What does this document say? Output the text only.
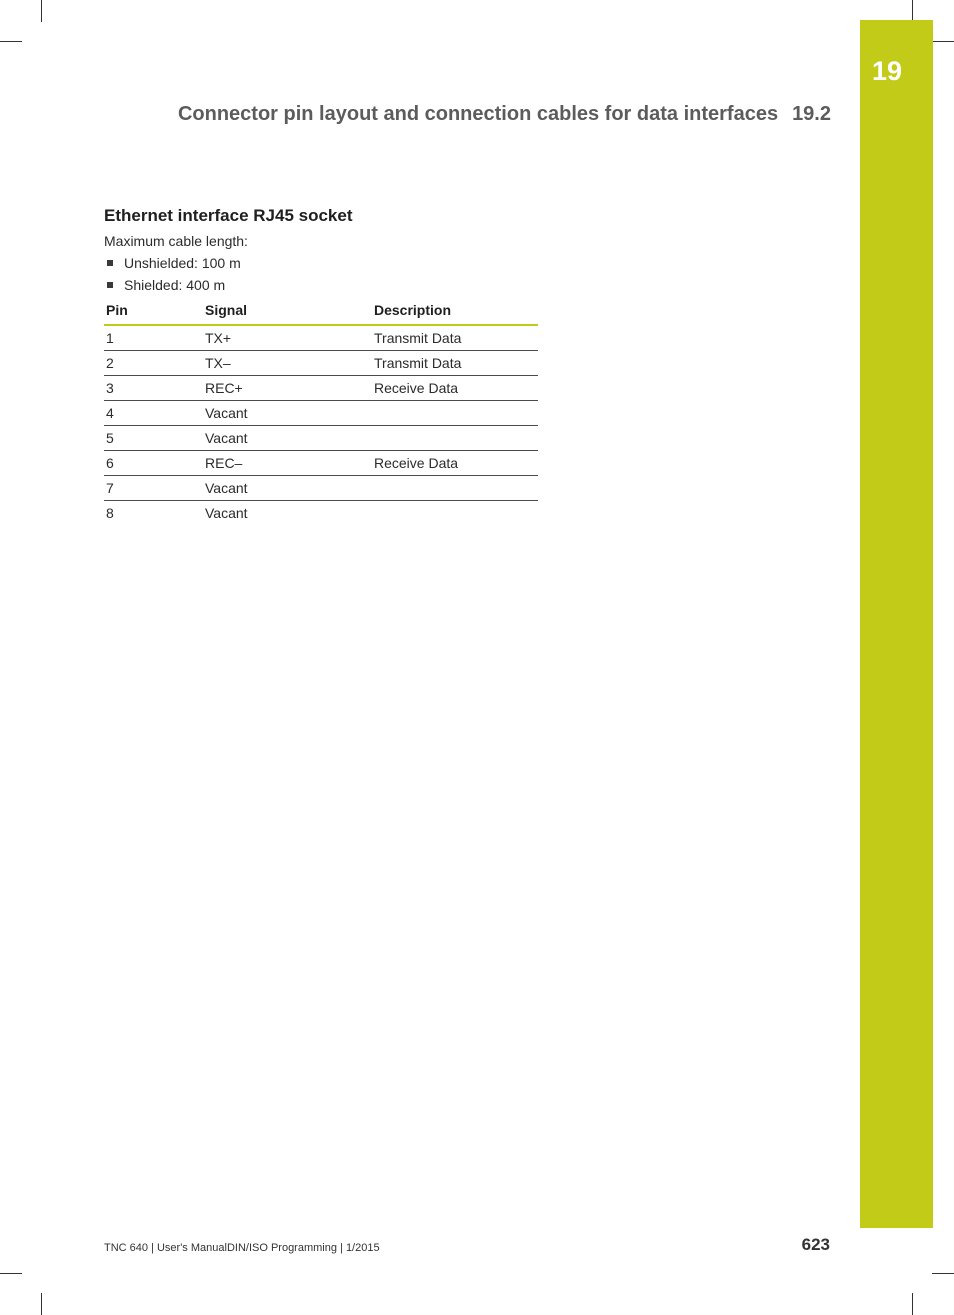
19
Connector pin layout and connection cables for data interfaces 19.2
Ethernet interface RJ45 socket
Maximum cable length:
Unshielded: 100 m
Shielded: 400 m
Pin	Signal	Description
1	TX+	Transmit Data
2	TX–	Transmit Data
3	REC+	Receive Data
4	Vacant	
5	Vacant	
6	REC–	Receive Data
7	Vacant	
8	Vacant	
TNC 640 | User's ManualDIN/ISO Programming | 1/2015	623
